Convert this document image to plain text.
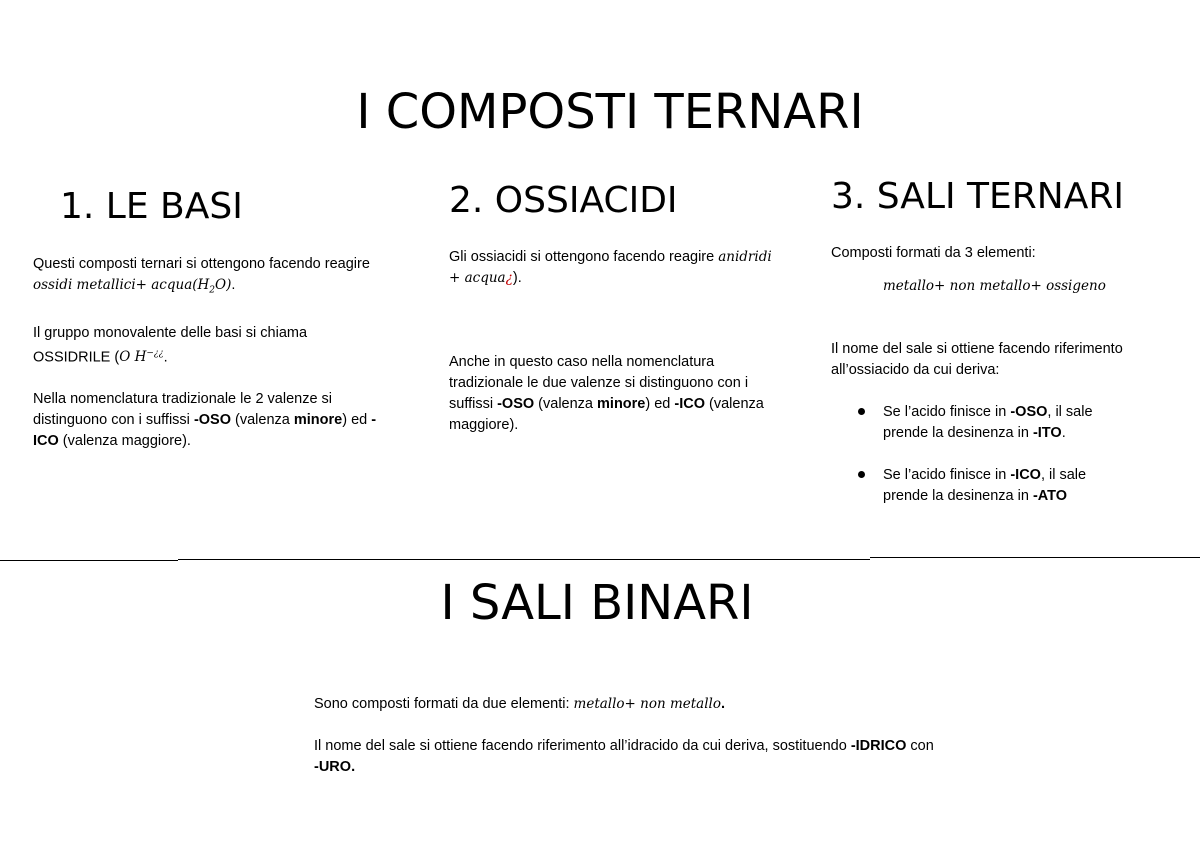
I COMPOSTI TERNARI
1. LE BASI

Questi composti ternari si ottengono facendo reagire ossidi metallici+ $acqua(H_2O)$.

Il gruppo monovalente delle basi si chiama OSSIDRILE (O H−¿¿.

Nella nomenclatura tradizionale le 2 valenze si distinguono con i suffissi -OSO (valenza minore) ed -ICO (valenza maggiore).

2. OSSIACIDI

Gli ossiacidi si ottengono facendo reagire anidridi + acqua¿).

Anche in questo caso nella nomenclatura tradizionale le due valenze si distinguono con i suffissi -OSO (valenza minore) ed -ICO (valenza maggiore).

3. SALI TERNARI

Composti formati da 3 elementi:

metallo+ non metallo+ ossigeno

Il nome del sale si ottiene facendo riferimento all’ossiacido da cui deriva:

Se l’acido finisce in -OSO, il sale prende la desinenza in -ITO.
Se l’acido finisce in -ICO, il sale prende la desinenza in -ATO
I SALI BINARI

Sono composti formati da due elementi: metallo+ non metallo.

Il nome del sale si ottiene facendo riferimento all’idracido da cui deriva, sostituendo -IDRICO con -URO.
